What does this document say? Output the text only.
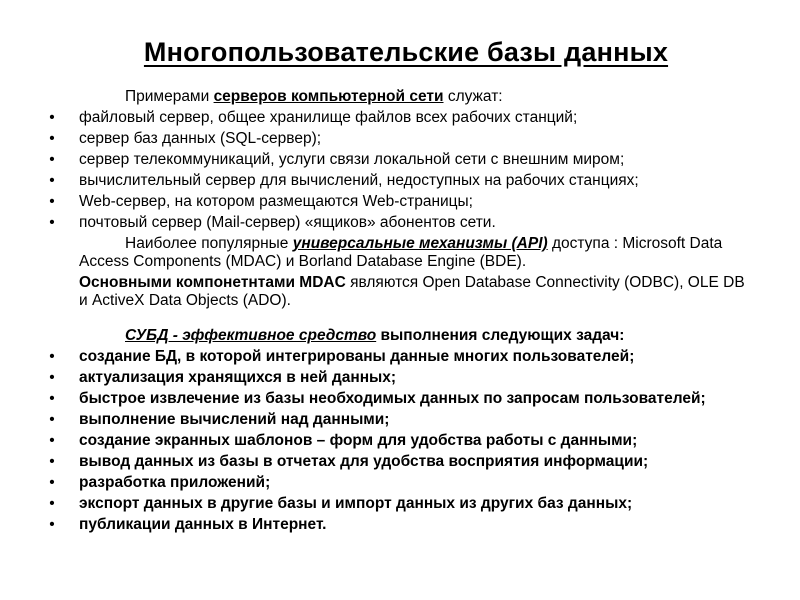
Многопользовательские базы данных
Примерами серверов компьютерной сети служат:
• файловый сервер, общее хранилище файлов всех рабочих станций;
• сервер баз данных (SQL-сервер);
• сервер телекоммуникаций, услуги связи локальной сети с внешним миром;
• вычислительный сервер для вычислений, недоступных на рабочих станциях;
• Web-сервер, на котором размещаются Web-страницы;
• почтовый сервер (Mail-сервер) «ящиков» абонентов сети.
Наиболее популярные универсальные механизмы (API) доступа : Microsoft Data Access Components (MDAC) и Borland Database Engine (BDE).
Основными компонетнтами MDAC являются Open Database Connectivity (ODBC), OLE DB и ActiveX Data Objects (ADO).
СУБД - эффективное средство выполнения следующих задач:
• создание БД, в которой интегрированы данные многих пользователей;
• актуализация хранящихся в ней данных;
• быстрое извлечение из базы необходимых данных по запросам пользователей;
• выполнение вычислений над данными;
• создание экранных шаблонов – форм для удобства работы с данными;
• вывод данных из базы в отчетах для удобства восприятия информации;
• разработка приложений;
• экспорт данных в другие базы и импорт данных из других баз данных;
• публикации данных в Интернет.
